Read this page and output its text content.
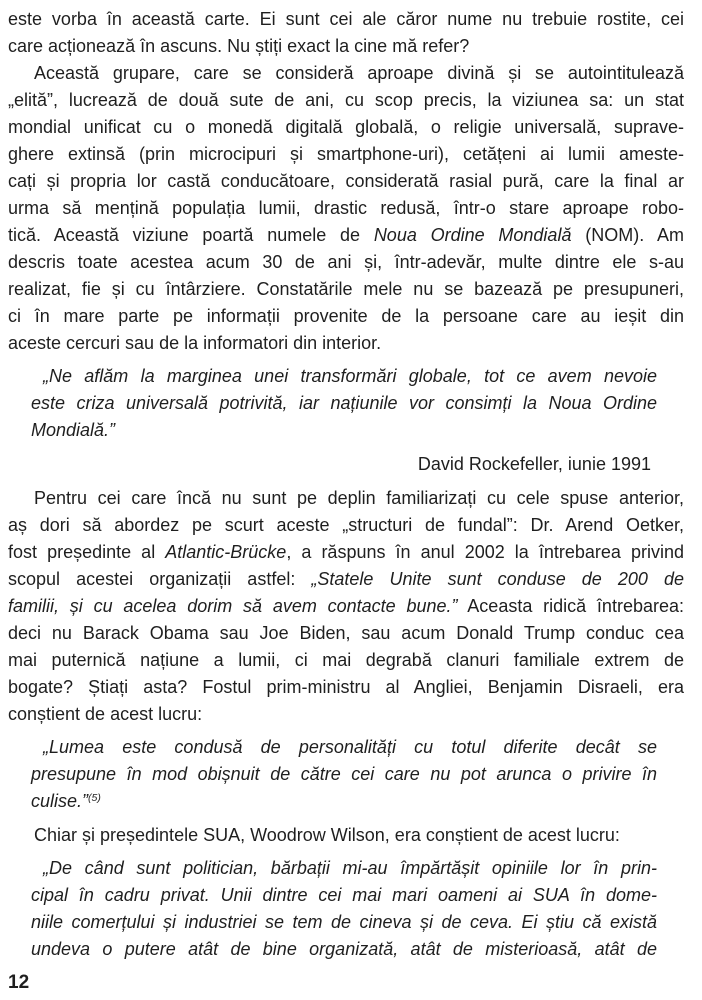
este vorba în această carte. Ei sunt cei ale căror nume nu trebuie rostite, cei
care acționează în ascuns. Nu știți exact la cine mă refer?
Această grupare, care se consideră aproape divină și se autointitulează
„elită”, lucrează de două sute de ani, cu scop precis, la viziunea sa: un stat
mondial unificat cu o monedă digitală globală, o religie universală, suprave-
ghere extinsă (prin microcipuri și smartphone-uri), cetățeni ai lumii ameste-
cați și propria lor castă conducătoare, considerată rasial pură, care la final ar
urma să mențină populația lumii, drastic redusă, într-o stare aproape robo-
tică. Această viziune poartă numele de Noua Ordine Mondială (NOM). Am
descris toate acestea acum 30 de ani și, într-adevăr, multe dintre ele s-au
realizat, fie și cu întârziere. Constatările mele nu se bazează pe presupuneri,
ci în mare parte pe informații provenite de la persoane care au ieșit din
aceste cercuri sau de la informatori din interior.
„Ne aflăm la marginea unei transformări globale, tot ce avem nevoie
este criza universală potrivită, iar națiunile vor consimți la Noua Ordine
Mondială.”
David Rockefeller, iunie 1991
Pentru cei care încă nu sunt pe deplin familiarizați cu cele spuse anterior,
aș dori să abordez pe scurt aceste „structuri de fundal”: Dr. Arend Oetker,
fost președinte al Atlantic-Brücke, a răspuns în anul 2002 la întrebarea privind
scopul acestei organizații astfel: „Statele Unite sunt conduse de 200 de
familii, și cu acelea dorim să avem contacte bune.” Aceasta ridică întrebarea:
deci nu Barack Obama sau Joe Biden, sau acum Donald Trump conduc cea
mai puternică națiune a lumii, ci mai degrabă clanuri familiale extrem de
bogate? Știați asta? Fostul prim-ministru al Angliei, Benjamin Disraeli, era
conștient de acest lucru:
„Lumea este condusă de personalități cu totul diferite decât se
presupune în mod obișnuit de către cei care nu pot arunca o privire în
culise.”$^{(5)}$
Chiar și președintele SUA, Woodrow Wilson, era conștient de acest lucru:
„De când sunt politician, bărbații mi-au împărtășit opiniile lor în prin-
cipal în cadru privat. Unii dintre cei mai mari oameni ai SUA în dome-
niile comerțului și industriei se tem de cineva și de ceva. Ei știu că există
undeva o putere atât de bine organizată, atât de misterioasă, atât de
12
